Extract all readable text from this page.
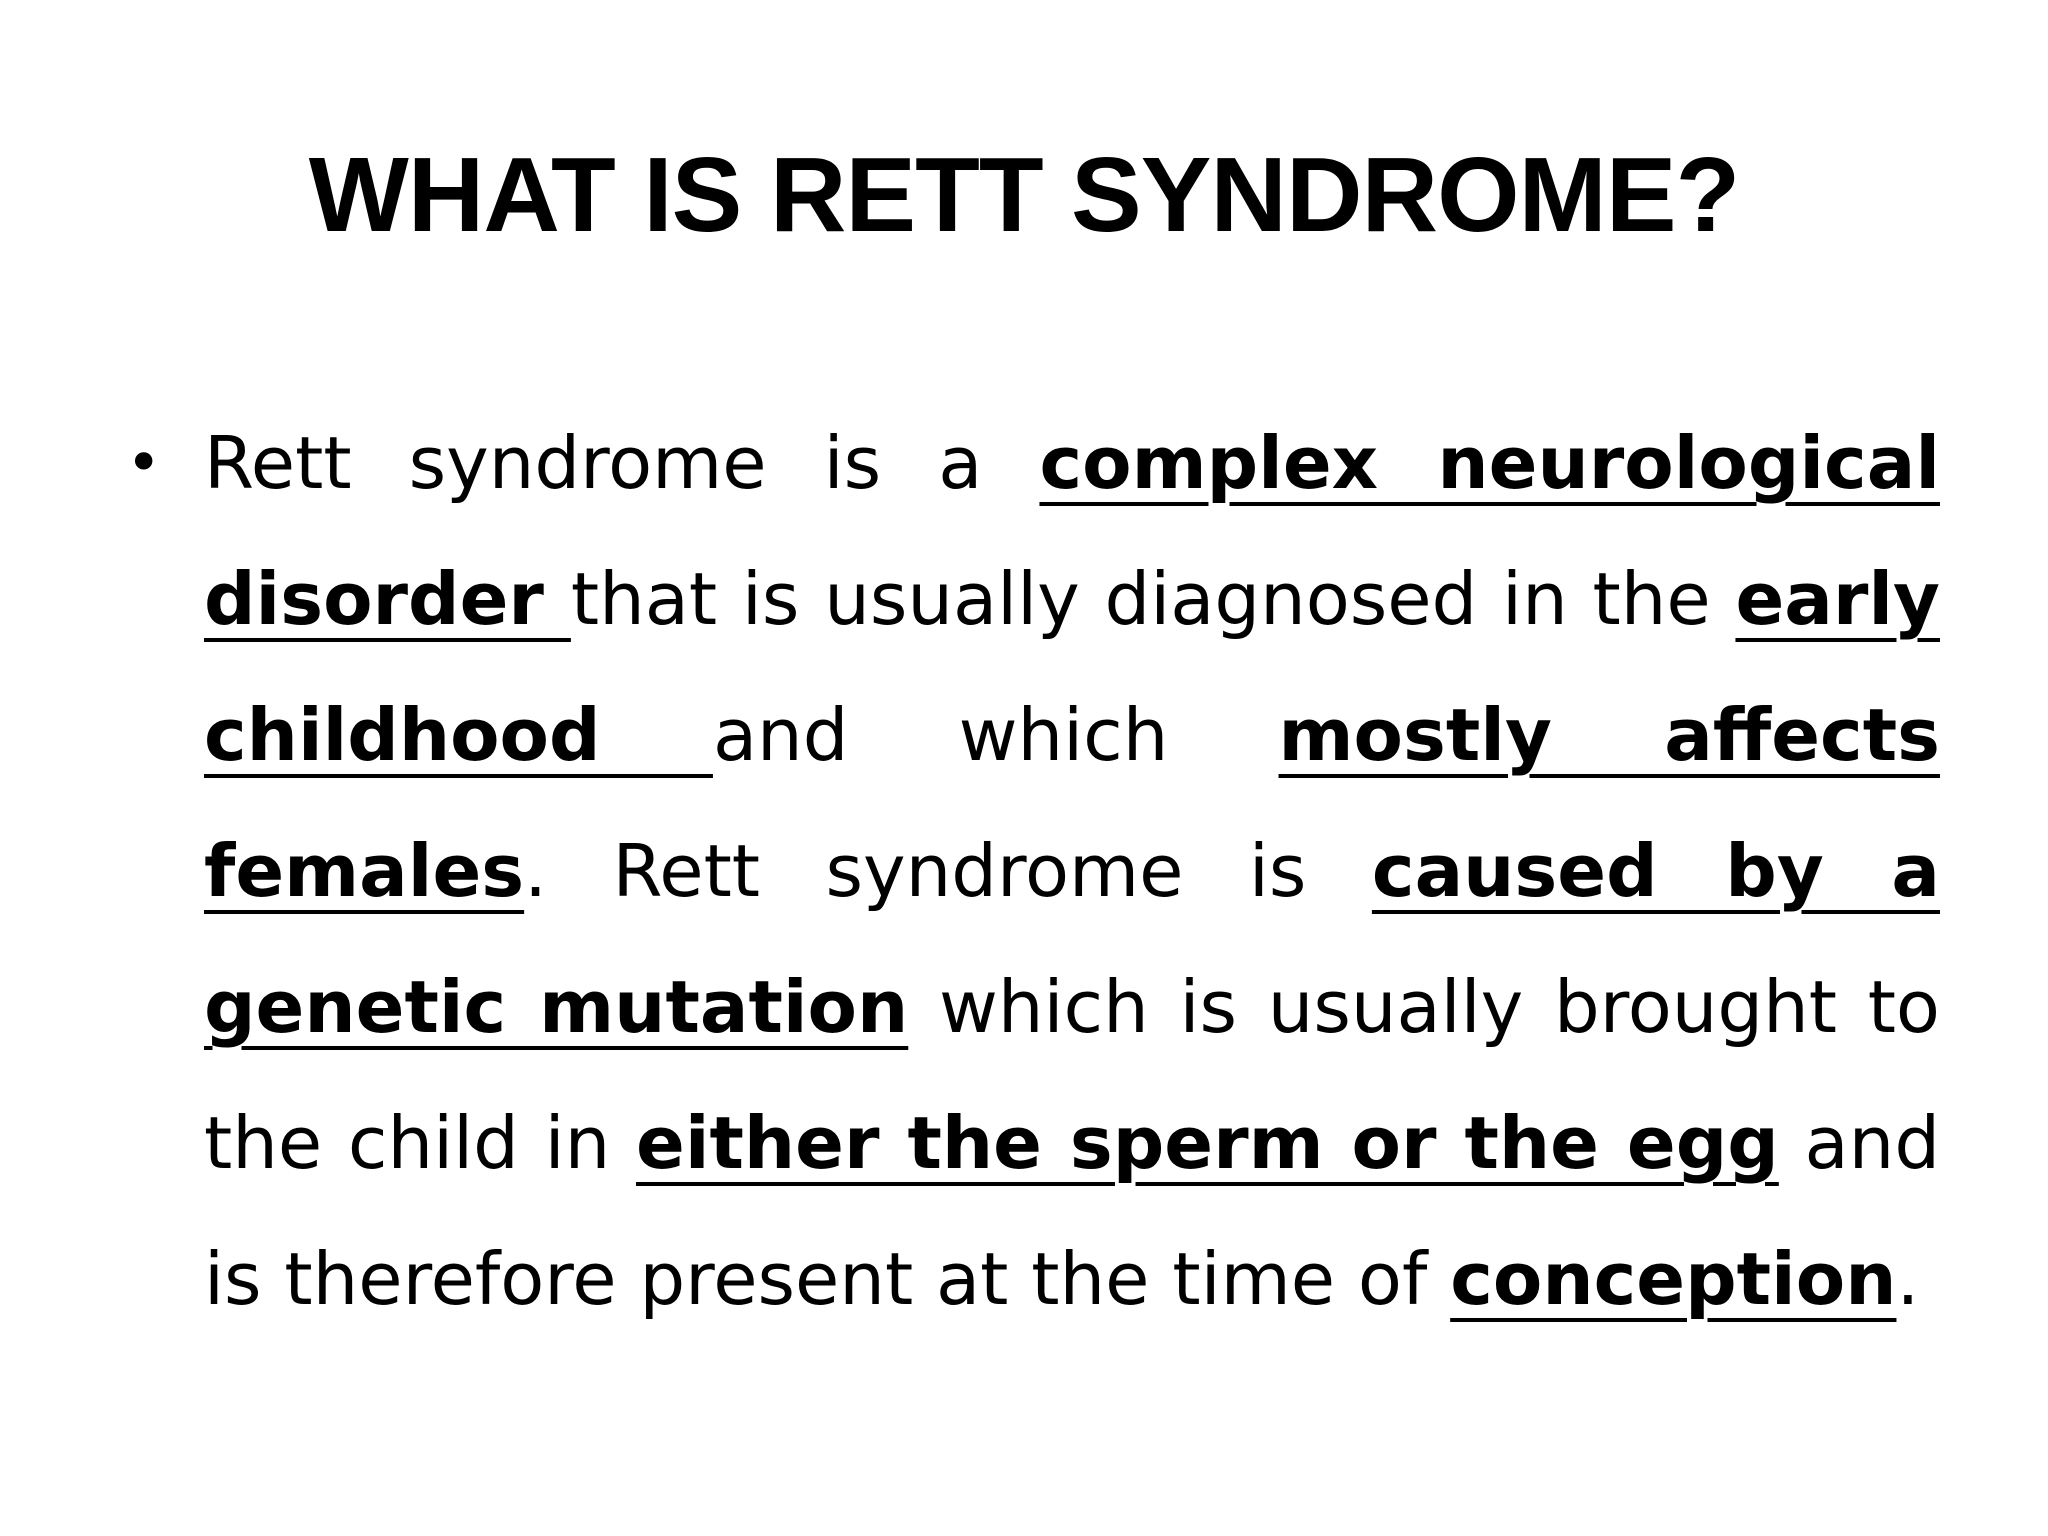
WHAT IS RETT SYNDROME?
• Rett syndrome is a complex neurological disorder that is usually diagnosed in the early childhood and which mostly affects females. Rett syndrome is caused by a genetic mutation which is usually brought to the child in either the sperm or the egg and is therefore present at the time of conception.
